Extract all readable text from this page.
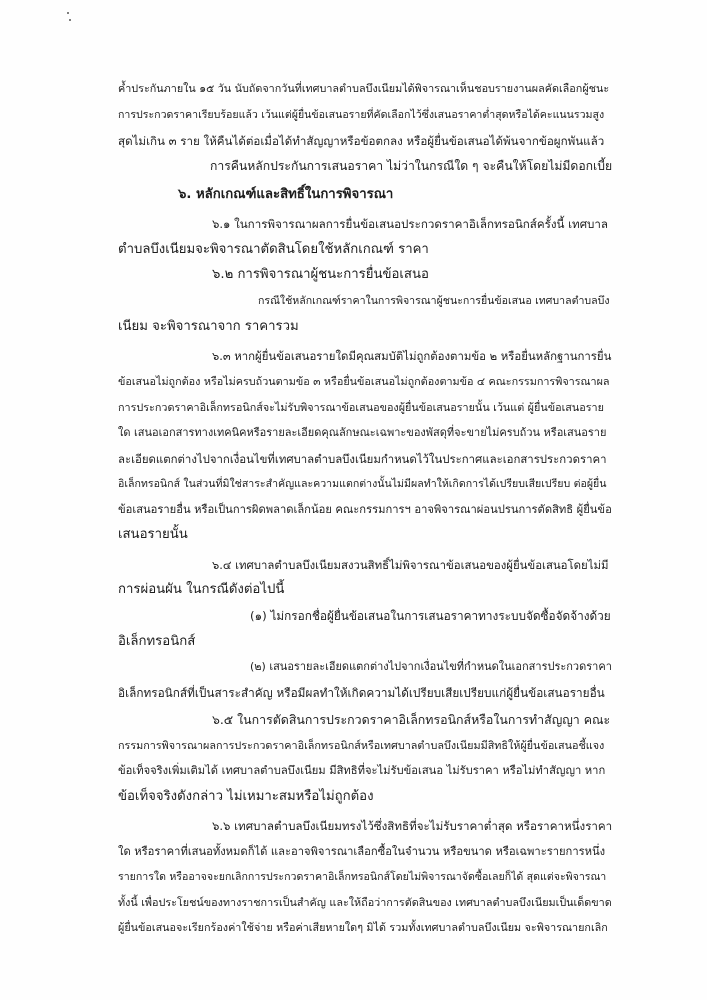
ค้ำประกันภายใน ๑๕ วัน นับถัดจากวันที่เทศบาลตำบลบึงเนียมได้พิจารณาเห็นชอบรายงานผลคัดเลือกผู้ชนะ
การประกวดราคาเรียบร้อยแล้ว เว้นแต่ผู้ยื่นข้อเสนอรายที่คัดเลือกไว้ซึ่งเสนอราคาต่ำสุดหรือได้คะแนนรวมสูง
สุดไม่เกิน ๓ ราย ให้คืนได้ต่อเมื่อได้ทำสัญญาหรือข้อตกลง หรือผู้ยื่นข้อเสนอได้พ้นจากข้อผูกพันแล้ว
การคืนหลักประกันการเสนอราคา ไม่ว่าในกรณีใด ๆ จะคืนให้โดยไม่มีดอกเบี้ย
๖. หลักเกณฑ์และสิทธิ์ในการพิจารณา
๖.๑ ในการพิจารณาผลการยื่นข้อเสนอประกวดราคาอิเล็กทรอนิกส์ครั้งนี้ เทศบาล
ตำบลบึงเนียมจะพิจารณาตัดสินโดยใช้หลักเกณฑ์ ราคา
๖.๒ การพิจารณาผู้ชนะการยื่นข้อเสนอ
กรณีใช้หลักเกณฑ์ราคาในการพิจารณาผู้ชนะการยื่นข้อเสนอ เทศบาลตำบลบึง
เนียม จะพิจารณาจาก ราคารวม
๖.๓ หากผู้ยื่นข้อเสนอรายใดมีคุณสมบัติไม่ถูกต้องตามข้อ ๒ หรือยื่นหลักฐานการยื่น
ข้อเสนอไม่ถูกต้อง หรือไม่ครบถ้วนตามข้อ ๓ หรือยื่นข้อเสนอไม่ถูกต้องตามข้อ ๔ คณะกรรมการพิจารณาผล
การประกวดราคาอิเล็กทรอนิกส์จะไม่รับพิจารณาข้อเสนอของผู้ยื่นข้อเสนอรายนั้น เว้นแต่ ผู้ยื่นข้อเสนอราย
ใด เสนอเอกสารทางเทคนิคหรือรายละเอียดคุณลักษณะเฉพาะของพัสดุที่จะขายไม่ครบถ้วน หรือเสนอราย
ละเอียดแตกต่างไปจากเงื่อนไขที่เทศบาลตำบลบึงเนียมกำหนดไว้ในประกาศและเอกสารประกวดราคา
อิเล็กทรอนิกส์ ในส่วนที่มิใช่สาระสำคัญและความแตกต่างนั้นไม่มีผลทำให้เกิดการได้เปรียบเสียเปรียบ ต่อผู้ยื่น
ข้อเสนอรายอื่น หรือเป็นการผิดพลาดเล็กน้อย คณะกรรมการฯ อาจพิจารณาผ่อนปรนการตัดสิทธิ ผู้ยื่นข้อ
เสนอรายนั้น
๖.๔ เทศบาลตำบลบึงเนียมสงวนสิทธิ์ไม่พิจารณาข้อเสนอของผู้ยื่นข้อเสนอโดยไม่มี
การผ่อนผัน ในกรณีดังต่อไปนี้
(๑) ไม่กรอกชื่อผู้ยื่นข้อเสนอในการเสนอราคาทางระบบจัดซื้อจัดจ้างด้วย
อิเล็กทรอนิกส์
(๒) เสนอรายละเอียดแตกต่างไปจากเงื่อนไขที่กำหนดในเอกสารประกวดราคา
อิเล็กทรอนิกส์ที่เป็นสาระสำคัญ หรือมีผลทำให้เกิดความได้เปรียบเสียเปรียบแก่ผู้ยื่นข้อเสนอรายอื่น
๖.๕ ในการตัดสินการประกวดราคาอิเล็กทรอนิกส์หรือในการทำสัญญา คณะ
กรรมการพิจารณาผลการประกวดราคาอิเล็กทรอนิกส์หรือเทศบาลตำบลบึงเนียมมีสิทธิให้ผู้ยื่นข้อเสนอชี้แจง
ข้อเท็จจริงเพิ่มเติมได้ เทศบาลตำบลบึงเนียม มีสิทธิที่จะไม่รับข้อเสนอ ไม่รับราคา หรือไม่ทำสัญญา หาก
ข้อเท็จจริงดังกล่าว ไม่เหมาะสมหรือไม่ถูกต้อง
๖.๖ เทศบาลตำบลบึงเนียมทรงไว้ซึ่งสิทธิที่จะไม่รับราคาต่ำสุด หรือราคาหนึ่งราคา
ใด หรือราคาที่เสนอทั้งหมดก็ได้ และอาจพิจารณาเลือกซื้อในจำนวน หรือขนาด หรือเฉพาะรายการหนึ่ง
รายการใด หรืออาจจะยกเลิกการประกวดราคาอิเล็กทรอนิกส์โดยไม่พิจารณาจัดซื้อเลยก็ได้ สุดแต่จะพิจารณา
ทั้งนี้ เพื่อประโยชน์ของทางราชการเป็นสำคัญ และให้ถือว่าการตัดสินของ เทศบาลตำบลบึงเนียมเป็นเด็ดขาด
ผู้ยื่นข้อเสนอจะเรียกร้องค่าใช้จ่าย หรือค่าเสียหายใดๆ มิได้ รวมทั้งเทศบาลตำบลบึงเนียม จะพิจารณายกเลิก
